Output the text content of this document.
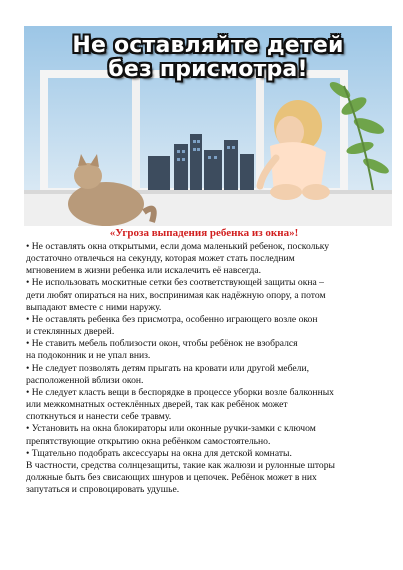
Не оставляйте детей
без присмотра!
«Угроза выпадения ребенка из окна»!

• Не оставлять окна открытыми, если дома маленький ребенок, поскольку
достаточно отвлечься на секунду, которая может стать последним
мгновением в жизни ребенка или искалечить её навсегда.

• Не использовать москитные сетки без соответствующей защиты окна –
дети любят опираться на них, воспринимая как надёжную опору, а потом
выпадают вместе с ними наружу.

• Не оставлять ребенка без присмотра, особенно играющего возле окон
и стеклянных дверей.

• Не ставить мебель поблизости окон, чтобы ребёнок не взобрался
на подоконник и не упал вниз.

• Не следует позволять детям прыгать на кровати или другой мебели,
расположенной вблизи окон.

• Не следует класть вещи в беспорядке в процессе уборки возле балконных
или межкомнатных остеклённых дверей, так как ребёнок может
споткнуться и нанести себе травму.

• Установить на окна блокираторы или оконные ручки-замки с ключом
препятствующие открытию окна ребёнком самостоятельно.

• Тщательно подобрать аксессуары на окна для детской комнаты.
В частности, средства солнцезащиты, такие как жалюзи и рулонные шторы
должные быть без свисающих шнуров и цепочек. Ребёнок может в них
запутаться и спровоцировать удушье.
